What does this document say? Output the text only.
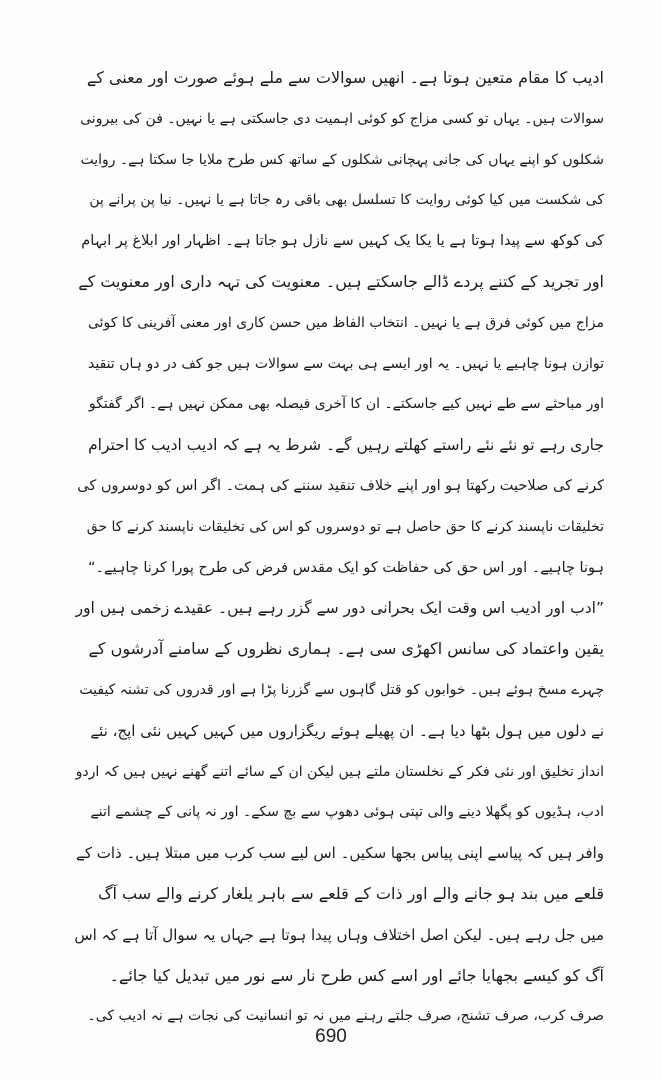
ادیب کا مقام متعین ہوتا ہے۔ انھیں سوالات سے ملے ہوئے صورت اور معنی کے
سوالات ہیں۔ یہاں تو کسی مزاج کو کوئی اہمیت دی جاسکتی ہے یا نہیں۔ فن کی بیرونی
شکلوں کو اپنے یہاں کی جانی پہچانی شکلوں کے ساتھ کس طرح ملایا جا سکتا ہے۔ روایت
کی شکست میں کیا کوئی روایت کا تسلسل بھی باقی رہ جاتا ہے یا نہیں۔ نیا پن پرانے پن
کی کوکھ سے پیدا ہوتا ہے یا یکا یک کہیں سے نازل ہو جاتا ہے۔ اظہار اور ابلاغ پر ابہام
اور تجرید کے کتنے پردے ڈالے جاسکتے ہیں۔ معنویت کی تہہ داری اور معنویت کے
مزاج میں کوئی فرق ہے یا نہیں۔ انتخاب الفاظ میں حسن کاری اور معنی آفرینی کا کوئی
توازن ہونا چاہیے یا نہیں۔ یہ اور ایسے ہی بہت سے سوالات ہیں جو کف در دو ہاں تنقید
اور مباحثے سے طے نہیں کیے جاسکتے۔ ان کا آخری فیصلہ بھی ممکن نہیں ہے۔ اگر گفتگو
جاری رہے تو نئے نئے راستے کھلتے رہیں گے۔ شرط یہ ہے کہ ادیب ادیب کا احترام
کرنے کی صلاحیت رکھتا ہو اور اپنے خلاف تنقید سننے کی ہمت۔ اگر اس کو دوسروں کی
تخلیقات ناپسند کرنے کا حق حاصل ہے تو دوسروں کو اس کی تخلیقات ناپسند کرنے کا حق
ہونا چاہیے۔ اور اس حق کی حفاظت کو ایک مقدس فرض کی طرح پورا کرنا چاہیے۔“
”ادب اور ادیب اس وقت ایک بحرانی دور سے گزر رہے ہیں۔ عقیدے زخمی ہیں اور
یقین واعتماد کی سانس اکھڑی سی ہے۔ ہماری نظروں کے سامنے آدرشوں کے
چہرے مسخ ہوئے ہیں۔ خوابوں کو قتل گاہوں سے گزرنا پڑا ہے اور قدروں کی تشنہ کیفیت
نے دلوں میں ہول بٹھا دیا ہے۔ ان پھیلے ہوئے ریگزاروں میں کہیں کہیں نئی اپج، نئے
انداز تخلیق اور نئی فکر کے نخلستان ملتے ہیں لیکن ان کے سائے اتنے گھنے نہیں ہیں کہ اردو
ادب، ہڈیوں کو پگھلا دینے والی تپتی ہوئی دھوپ سے بچ سکے۔ اور نہ پانی کے چشمے اتنے
وافر ہیں کہ پیاسے اپنی پیاس بجھا سکیں۔ اس لیے سب کرب میں مبتلا ہیں۔ ذات کے
قلعے میں بند ہو جانے والے اور ذات کے قلعے سے باہر یلغار کرنے والے سب آگ
میں جل رہے ہیں۔ لیکن اصل اختلاف وہاں پیدا ہوتا ہے جہاں یہ سوال آتا ہے کہ اس
آگ کو کیسے بجھایا جائے اور اسے کس طرح نار سے نور میں تبدیل کیا جائے۔
صرف کرب، صرف تشنج، صرف جلتے رہنے میں نہ تو انسانیت کی نجات ہے نہ ادیب کی۔
690
